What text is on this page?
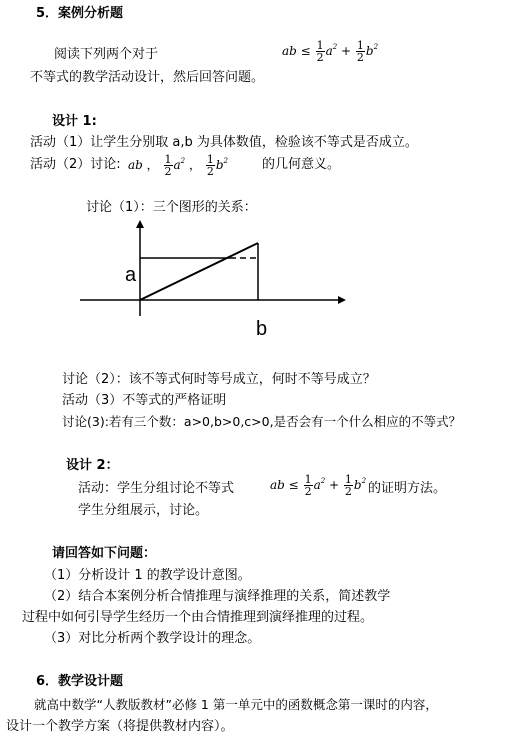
5．案例分析题
阅读下列两个对于	ab ≤ $\frac{1}{2} a^2 + \frac{1}{2} b^2$
不等式的教学活动设计，然后回答问题。
设计 1:
活动（1）让学生分别取 a,b 为具体数值，检验该不等式是否成立。
活动（2）讨论: ab ， $\frac{1}{2} a^2$ ， $\frac{1}{2} b^2$	的几何意义。
讨论（1）：三个图形的关系：
a
b
讨论（2）：该不等式何时等号成立，何时不等号成立？
活动（3）不等式的严格证明
讨论(3):若有三个数：a>0,b>0,c>0,是否会有一个什么相应的不等式？
设计 2：
活动：学生分组讨论不等式	ab ≤ $\frac{1}{2} a^2 + \frac{1}{2} b^2$ 的证明方法。
学生分组展示，讨论。
请回答如下问题：
（1）分析设计 1 的教学设计意图。
（2）结合本案例分析合情推理与演绎推理的关系，简述教学
过程中如何引导学生经历一个由合情推理到演绎推理的过程。
（3）对比分析两个教学设计的理念。
6．教学设计题
就高中数学“人教版教材”必修 1 第一单元中的函数概念第一课时的内容，
设计一个教学方案（将提供教材内容）。
